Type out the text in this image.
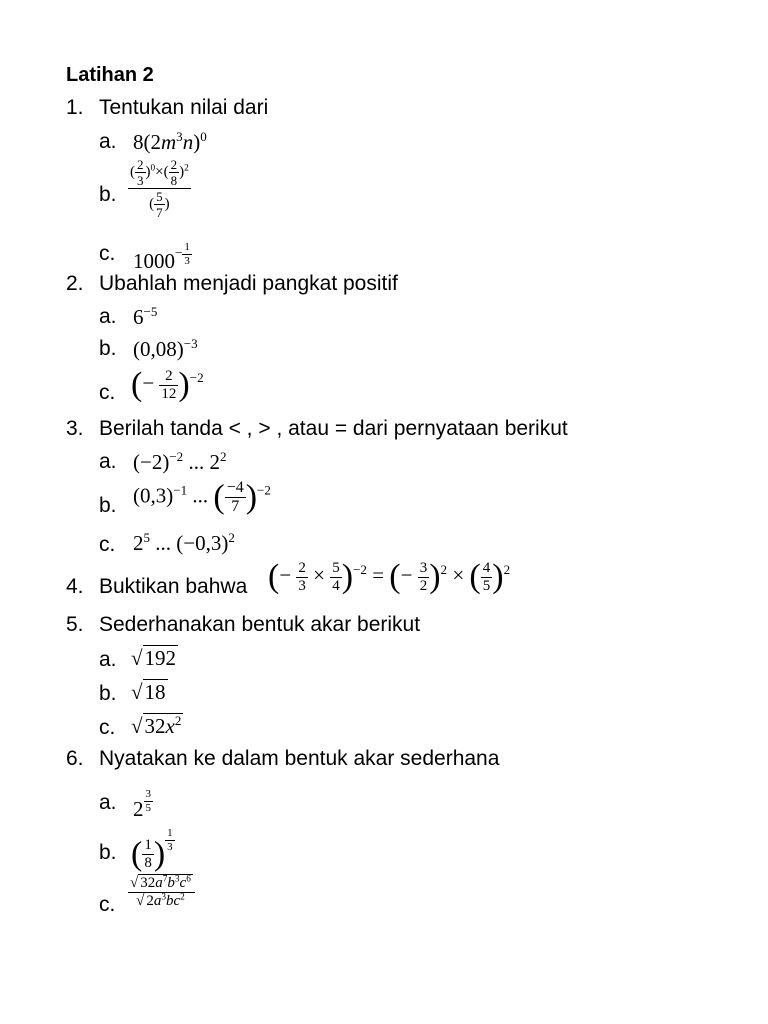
Latihan 2
1. Tentukan nilai dari
a. $8(2m^3n)^0$
b. $\frac{( \frac{2}{3} )^0\times( \frac{2}{8} )^2}{( \frac{5}{7} )}$
c. $1000^{- \frac{1}{3}}$
2. Ubahlah menjadi pangkat positif
a. $6^{-5}$
b. $(0,08)^{-3}$
c. (− $\frac{2}{12} )^{-2}$
3. Berilah tanda < , > , atau = dari pernyataan berikut
a. $(-2)^{-2}$ ... $2^2$
b. $(0,3)^{-1}$ ... ( $\frac{-4}{7} )^{-2}$
c. $2^5$ ... $(-0,3)^2$
4. Buktikan bahwa (− $\frac{2}{3} \times \frac{5}{4} )^{-2}$ = (− $\frac{3}{2} )^2$ × ( $\frac{4}{5} )^2$
5. Sederhanakan bentuk akar berikut
a. √192
b. √18
c. $√32x^2$
6. Nyatakan ke dalam bentuk akar sederhana
a. 2 $^{\frac{3}{5}}$
b. ( $\frac{1}{8}$ ) $^{\frac{1}{3}}$
c. $\frac{√ 32a^7b^3c^6}{√ 2a^3bc^2}$
